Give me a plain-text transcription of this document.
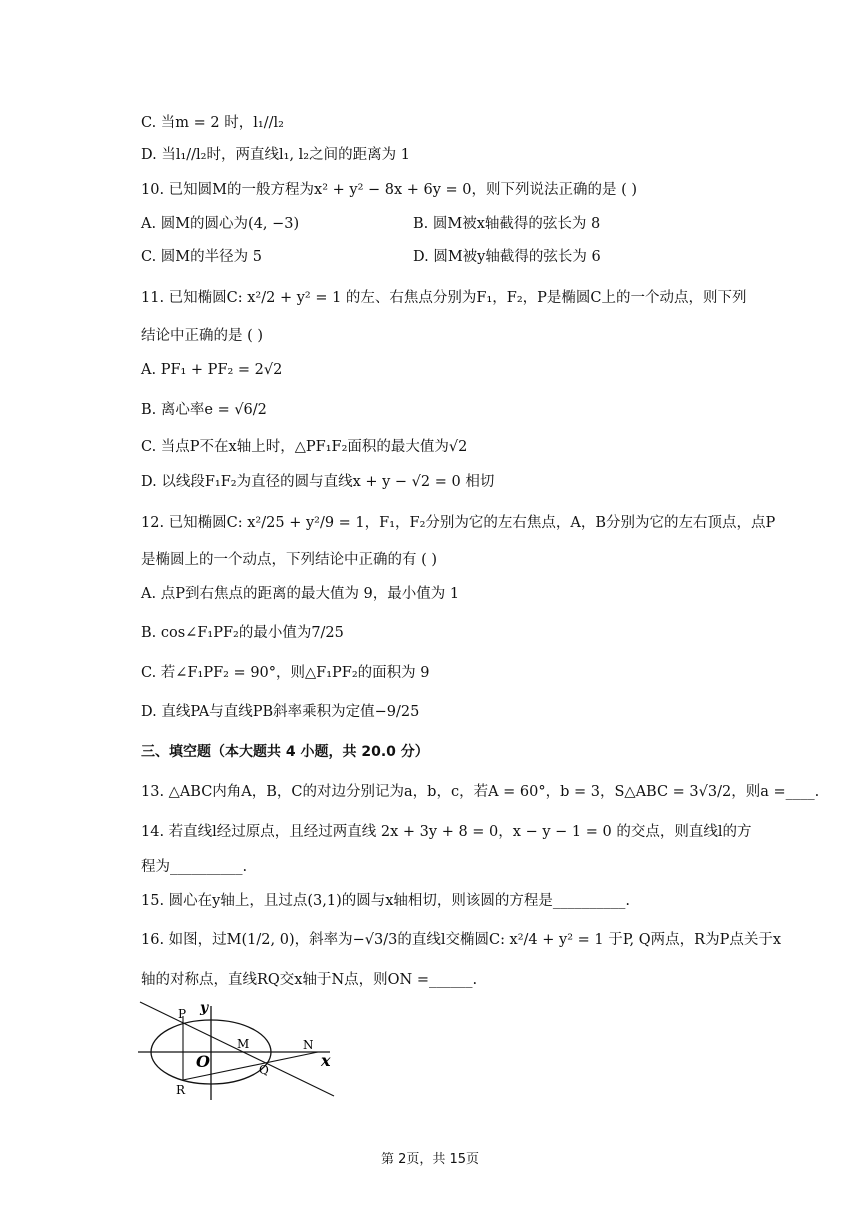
C. 当m = 2 时，l₁//l₂
D. 当l₁//l₂时，两直线l₁, l₂之间的距离为 1
10. 已知圆M的一般方程为x² + y² − 8x + 6y = 0，则下列说法正确的是 ( )
A. 圆M的圆心为(4, −3)	B. 圆M被x轴截得的弦长为 8
C. 圆M的半径为 5	D. 圆M被y轴截得的弦长为 6
11. 已知椭圆C: x²/2 + y² = 1 的左、右焦点分别为F₁，F₂，P是椭圆C上的一个动点，则下列
结论中正确的是 ( )
A. PF₁ + PF₂ = 2√2
B. 离心率e = √6/2
C. 当点P不在x轴上时，△PF₁F₂面积的最大值为√2
D. 以线段F₁F₂为直径的圆与直线x + y − √2 = 0 相切
12. 已知椭圆C: x²/25 + y²/9 = 1，F₁，F₂分别为它的左右焦点，A，B分别为它的左右顶点，点P
是椭圆上的一个动点，下列结论中正确的有 ( )
A. 点P到右焦点的距离的最大值为 9，最小值为 1
B. cos∠F₁PF₂的最小值为7/25
C. 若∠F₁PF₂ = 90°，则△F₁PF₂的面积为 9
D. 直线PA与直线PB斜率乘积为定值−9/25
三、填空题（本大题共 4 小题，共 20.0 分）
13. △ABC内角A，B，C的对边分别记为a，b，c，若A = 60°，b = 3，S△ABC = 3√3/2，则a =____.
14. 若直线l经过原点，且经过两直线 2x + 3y + 8 = 0，x − y − 1 = 0 的交点，则直线l的方
程为__________.
15. 圆心在y轴上，且过点(3,1)的圆与x轴相切，则该圆的方程是__________.
16. 如图，过M(1/2, 0)，斜率为−√3/3的直线l交椭圆C: x²/4 + y² = 1 于P, Q两点，R为P点关于x
轴的对称点，直线RQ交x轴于N点，则ON =______.
P y
M	N
O	x
R
Q
第 2页，共 15页
